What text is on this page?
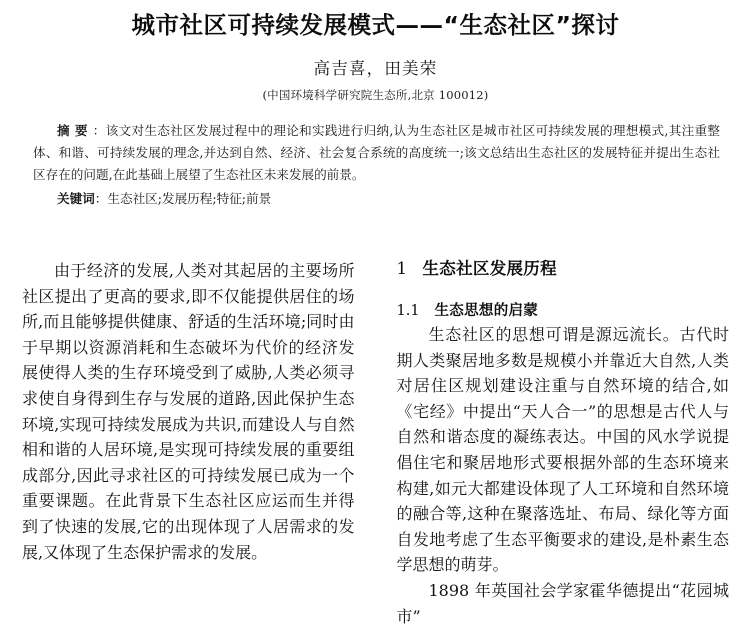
城市社区可持续发展模式——“生态社区”探讨
高吉喜，田美荣
(中国环境科学研究院生态所,北京 100012)

摘要：该文对生态社区发展过程中的理论和实践进行归纳,认为生态社区是城市社区可持续发展的理想模式,其注重整体、和谐、可持续发展的理念,并达到自然、经济、社会复合系统的高度统一;该文总结出生态社区的发展特征并提出生态社区存在的问题,在此基础上展望了生态社区未来发展的前景。

关键词：生态社区;发展历程;特征;前景

由于经济的发展,人类对其起居的主要场所社区提出了更高的要求,即不仅能提供居住的场所,而且能够提供健康、舒适的生活环境;同时由于早期以资源消耗和生态破坏为代价的经济发展使得人类的生存环境受到了威胁,人类必须寻求使自身得到生存与发展的道路,因此保护生态环境,实现可持续发展成为共识,而建设人与自然相和谐的人居环境,是实现可持续发展的重要组成部分,因此寻求社区的可持续发展已成为一个重要课题。在此背景下生态社区应运而生并得到了快速的发展,它的出现体现了人居需求的发展,又体现了生态保护需求的发展。

1 生态社区发展历程
1.1	生态思想的启蒙

生态社区的思想可谓是源远流长。古代时期人类聚居地多数是规模小并靠近大自然,人类对居住区规划建设注重与自然环境的结合,如《宅经》中提出“天人合一”的思想是古代人与自然和谐态度的凝练表达。中国的风水学说提倡住宅和聚居地形式要根据外部的生态环境来构建,如元大都建设体现了人工环境和自然环境的融合等,这种在聚落选址、布局、绿化等方面自发地考虑了生态平衡要求的建设,是朴素生态学思想的萌芽。

1898 年英国社会学家霍华德提出“花园城市”
